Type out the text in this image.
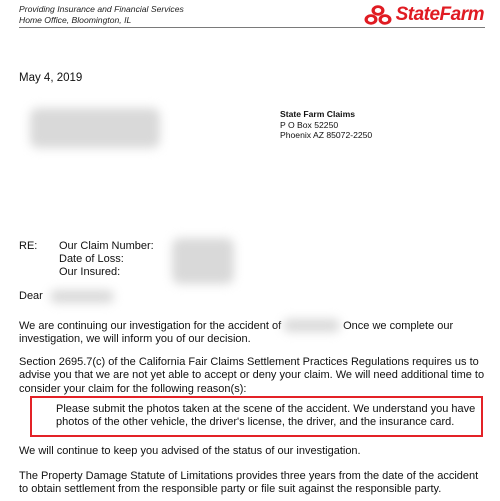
Providing Insurance and Financial Services
Home Office, Bloomington, IL	StateFarm
May 4, 2019
State Farm Claims
P O Box 52250
Phoenix AZ 85072-2250
RE: Our Claim Number:
Date of Loss:
Our Insured:
Dear
We are continuing our investigation for the accident of	Once we complete our
investigation, we will inform you of our decision.
Section 2695.7(c) of the California Fair Claims Settlement Practices Regulations requires us to
advise you that we are not yet able to accept or deny your claim. We will need additional time to
consider your claim for the following reason(s):
Please submit the photos taken at the scene of the accident. We understand you have
photos of the other vehicle, the driver's license, the driver, and the insurance card.
We will continue to keep you advised of the status of our investigation.
The Property Damage Statute of Limitations provides three years from the date of the accident
to obtain settlement from the responsible party or file suit against the responsible party.
